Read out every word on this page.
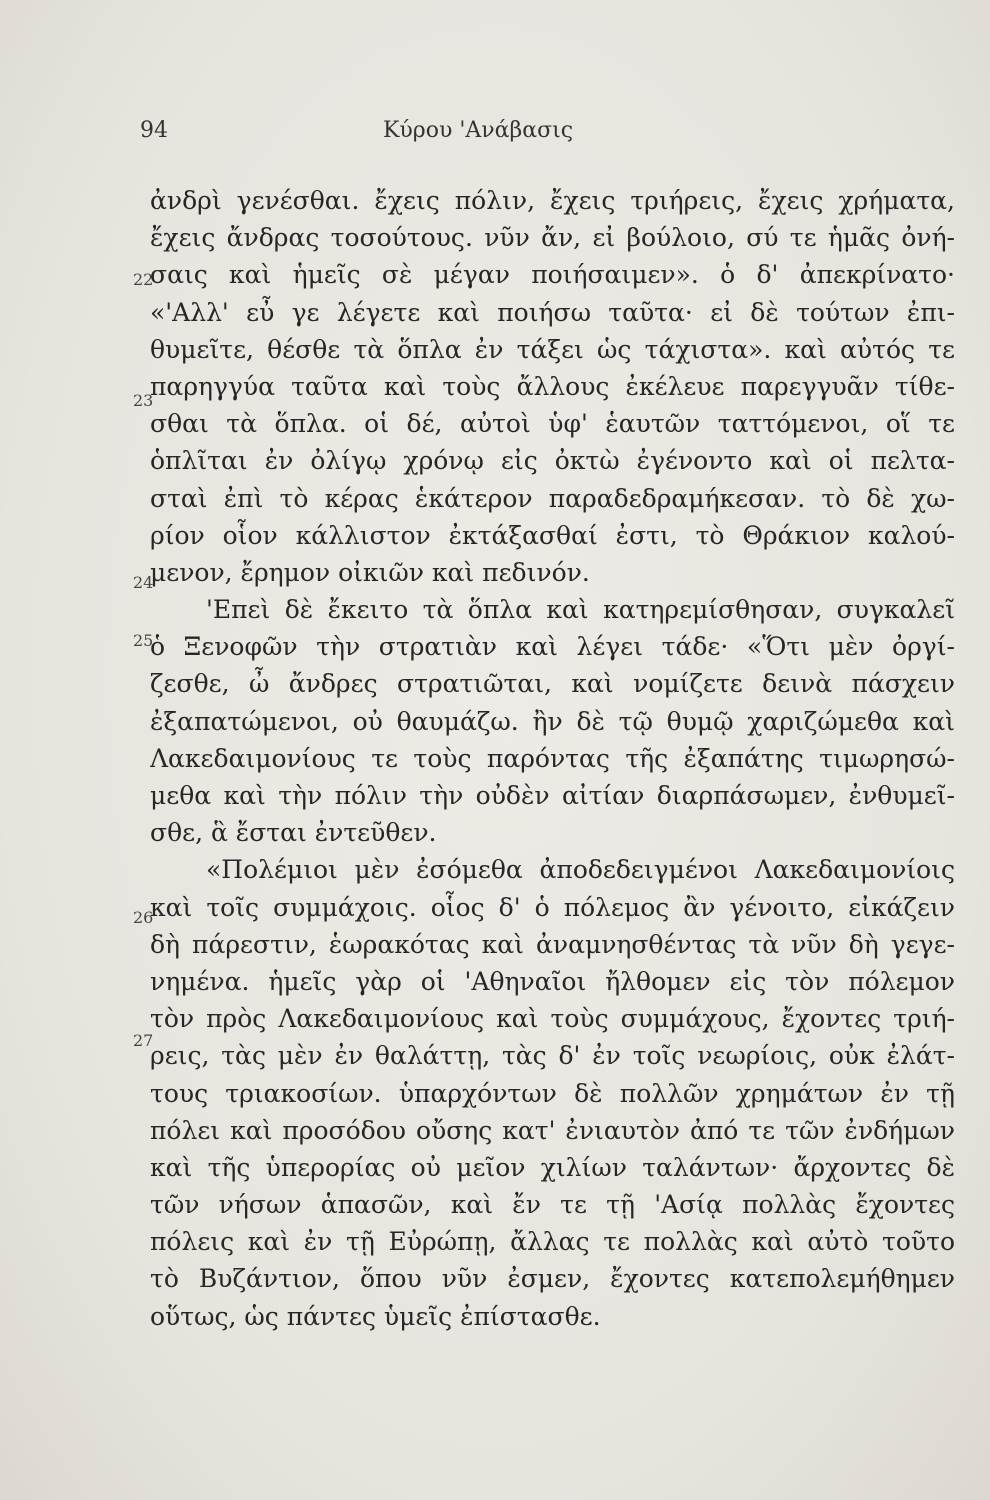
94	Κύρου 'Ανάβασις
22
23
24
25
26
27
ἀνδρὶ γενέσθαι. ἔχεις πόλιν, ἔχεις τριήρεις, ἔχεις χρήματα,
ἔχεις ἄνδρας τοσούτους. νῦν ἄν, εἰ βούλοιο, σύ τε ἡμᾶς ὀνή-
σαις καὶ ἡμεῖς σὲ μέγαν ποιήσαιμεν». ὁ δ' ἀπεκρίνατο·
«'Αλλ' εὖ γε λέγετε καὶ ποιήσω ταῦτα· εἰ δὲ τούτων ἐπι-
θυμεῖτε, θέσθε τὰ ὅπλα ἐν τάξει ὡς τάχιστα». καὶ αὐτός τε
παρηγγύα ταῦτα καὶ τοὺς ἄλλους ἐκέλευε παρεγγυᾶν τίθε-
σθαι τὰ ὅπλα. οἱ δέ, αὐτοὶ ὑφ' ἑαυτῶν ταττόμενοι, οἵ τε
ὁπλῖται ἐν ὀλίγῳ χρόνῳ εἰς ὀκτὼ ἐγένοντο καὶ οἱ πελτα-
σταὶ ἐπὶ τὸ κέρας ἑκάτερον παραδεδραμήκεσαν. τὸ δὲ χω-
ρίον οἷον κάλλιστον ἐκτάξασθαί ἐστι, τὸ Θράκιον καλού-
μενον, ἔρημον οἰκιῶν καὶ πεδινόν.
'Επεὶ δὲ ἔκειτο τὰ ὅπλα καὶ κατηρεμίσθησαν, συγκαλεῖ
ὁ Ξενοφῶν τὴν στρατιὰν καὶ λέγει τάδε· «Ὅτι μὲν ὀργί-
ζεσθε, ὦ ἄνδρες στρατιῶται, καὶ νομίζετε δεινὰ πάσχειν
ἐξαπατώμενοι, οὐ θαυμάζω. ἢν δὲ τῷ θυμῷ χαριζώμεθα καὶ
Λακεδαιμονίους τε τοὺς παρόντας τῆς ἐξαπάτης τιμωρησώ-
μεθα καὶ τὴν πόλιν τὴν οὐδὲν αἰτίαν διαρπάσωμεν, ἐνθυμεῖ-
σθε, ἃ ἔσται ἐντεῦθεν.
«Πολέμιοι μὲν ἐσόμεθα ἀποδεδειγμένοι Λακεδαιμονίοις
καὶ τοῖς συμμάχοις. οἷος δ' ὁ πόλεμος ἂν γένοιτο, εἰκάζειν
δὴ πάρεστιν, ἑωρακότας καὶ ἀναμνησθέντας τὰ νῦν δὴ γεγε-
νημένα. ἡμεῖς γὰρ οἱ 'Αθηναῖοι ἤλθομεν εἰς τὸν πόλεμον
τὸν πρὸς Λακεδαιμονίους καὶ τοὺς συμμάχους, ἔχοντες τριή-
ρεις, τὰς μὲν ἐν θαλάττῃ, τὰς δ' ἐν τοῖς νεωρίοις, οὐκ ἐλάτ-
τους τριακοσίων. ὑπαρχόντων δὲ πολλῶν χρημάτων ἐν τῇ
πόλει καὶ προσόδου οὔσης κατ' ἐνιαυτὸν ἀπό τε τῶν ἐνδήμων
καὶ τῆς ὑπερορίας οὐ μεῖον χιλίων ταλάντων· ἄρχοντες δὲ
τῶν νήσων ἁπασῶν, καὶ ἔν τε τῇ 'Ασίᾳ πολλὰς ἔχοντες
πόλεις καὶ ἐν τῇ Εὐρώπῃ, ἄλλας τε πολλὰς καὶ αὐτὸ τοῦτο
τὸ Βυζάντιον, ὅπου νῦν ἐσμεν, ἔχοντες κατεπολεμήθημεν
οὕτως, ὡς πάντες ὑμεῖς ἐπίστασθε.
